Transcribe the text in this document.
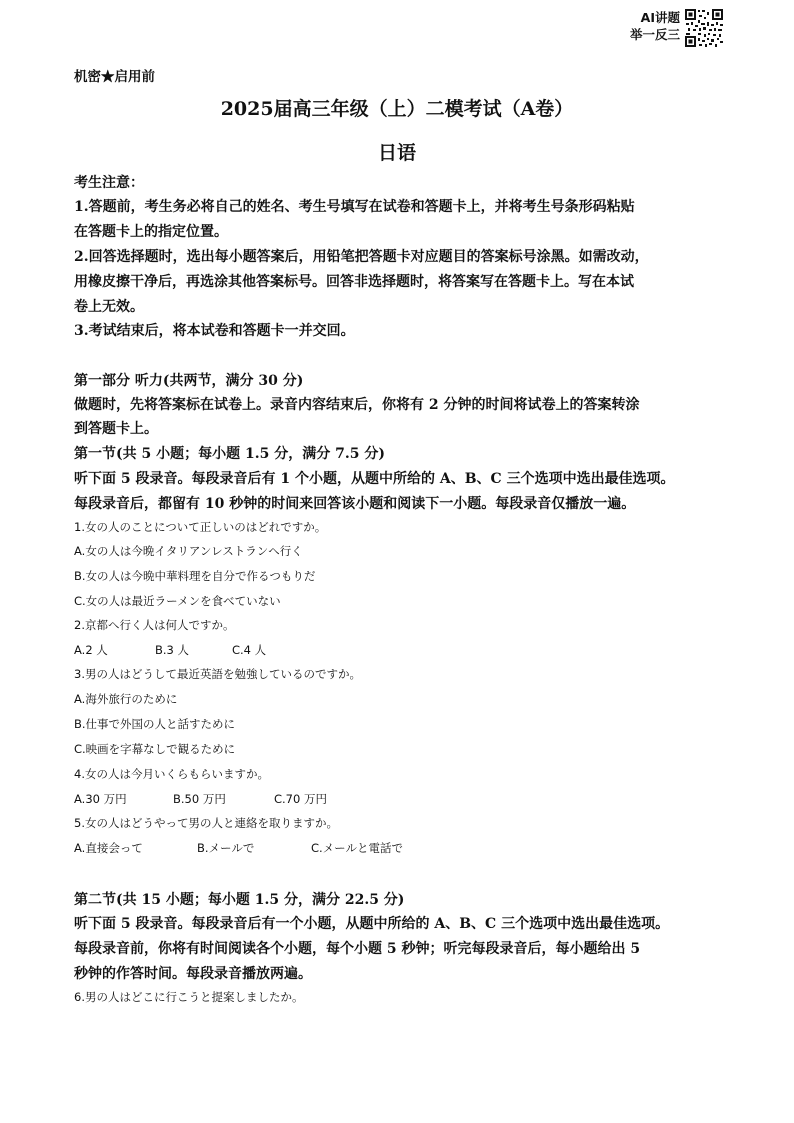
AI讲题
举一反三
机密★启用前
2025届高三年级（上）二模考试（A卷）
日语
考生注意：
1.答题前，考生务必将自己的姓名、考生号填写在试卷和答题卡上，并将考生号条形码粘贴
在答题卡上的指定位置。
2.回答选择题时，选出每小题答案后，用铅笔把答题卡对应题目的答案标号涂黑。如需改动，
用橡皮擦干净后，再选涂其他答案标号。回答非选择题时，将答案写在答题卡上。写在本试
卷上无效。
3.考试结束后，将本试卷和答题卡一并交回。
第一部分 听力(共两节，满分 30 分)
做题时，先将答案标在试卷上。录音内容结束后，你将有 2 分钟的时间将试卷上的答案转涂
到答题卡上。
第一节(共 5 小题；每小题 1.5 分，满分 7.5 分)
听下面 5 段录音。每段录音后有 1 个小题，从题中所给的 A、B、C 三个选项中选出最佳选项。
每段录音后，都留有 10 秒钟的时间来回答该小题和阅读下一小题。每段录音仅播放一遍。
1.女の人のことについて正しいのはどれですか。
A.女の人は今晩イタリアンレストランへ行く
B.女の人は今晩中華料理を自分で作るつもりだ
C.女の人は最近ラーメンを食べていない
2.京都へ行く人は何人ですか。
A.2 人	B.3 人	C.4 人
3.男の人はどうして最近英語を勉強しているのですか。
A.海外旅行のために
B.仕事で外国の人と話すために
C.映画を字幕なしで観るために
4.女の人は今月いくらもらいますか。
A.30 万円	B.50 万円	C.70 万円
5.女の人はどうやって男の人と連絡を取りますか。
A.直接会って	B.メールで	C.メールと電話で
第二节(共 15 小题；每小题 1.5 分，满分 22.5 分)
听下面 5 段录音。每段录音后有一个小题，从题中所给的 A、B、C 三个选项中选出最佳选项。
每段录音前，你将有时间阅读各个小题，每个小题 5 秒钟；听完每段录音后，每小题给出 5
秒钟的作答时间。每段录音播放两遍。
6.男の人はどこに行こうと提案しましたか。
